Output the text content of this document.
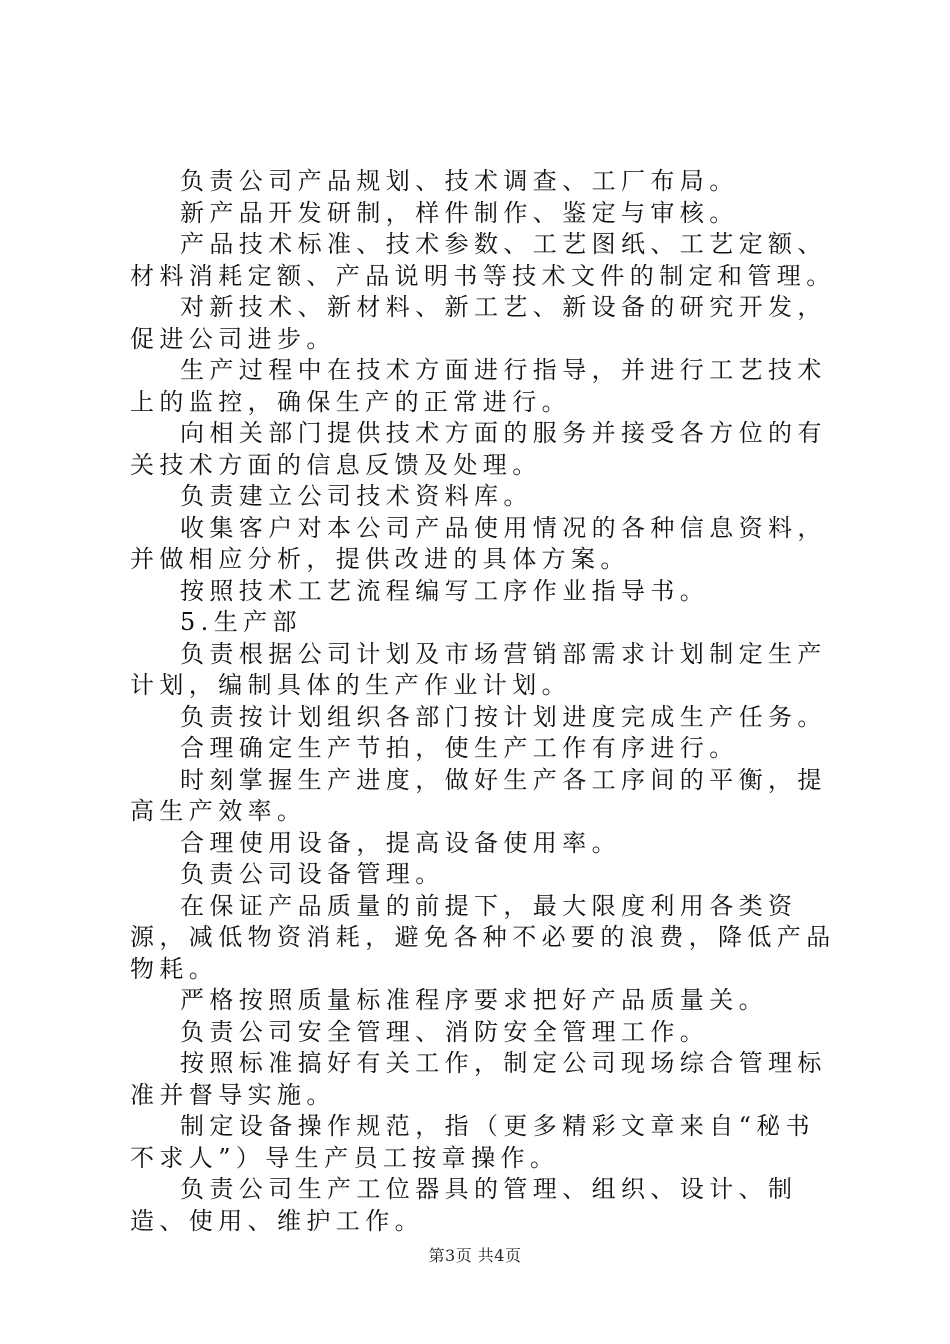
负责公司产品规划、技术调查、工厂布局。

新产品开发研制，样件制作、鉴定与审核。

产品技术标准、技术参数、工艺图纸、工艺定额、材料消耗定额、产品说明书等技术文件的制定和管理。

对新技术、新材料、新工艺、新设备的研究开发，促进公司进步。

生产过程中在技术方面进行指导，并进行工艺技术上的监控，确保生产的正常进行。

向相关部门提供技术方面的服务并接受各方位的有关技术方面的信息反馈及处理。

负责建立公司技术资料库。

收集客户对本公司产品使用情况的各种信息资料，并做相应分析，提供改进的具体方案。

按照技术工艺流程编写工序作业指导书。

5.生产部

负责根据公司计划及市场营销部需求计划制定生产计划，编制具体的生产作业计划。

负责按计划组织各部门按计划进度完成生产任务。

合理确定生产节拍，使生产工作有序进行。

时刻掌握生产进度，做好生产各工序间的平衡，提高生产效率。

合理使用设备，提高设备使用率。

负责公司设备管理。

在保证产品质量的前提下，最大限度利用各类资源，减低物资消耗，避免各种不必要的浪费，降低产品物耗。

严格按照质量标准程序要求把好产品质量关。

负责公司安全管理、消防安全管理工作。

按照标准搞好有关工作，制定公司现场综合管理标准并督导实施。

制定设备操作规范，指（更多精彩文章来自“秘书不求人”）导生产员工按章操作。

负责公司生产工位器具的管理、组织、设计、制造、使用、维护工作。

第3页 共4页
